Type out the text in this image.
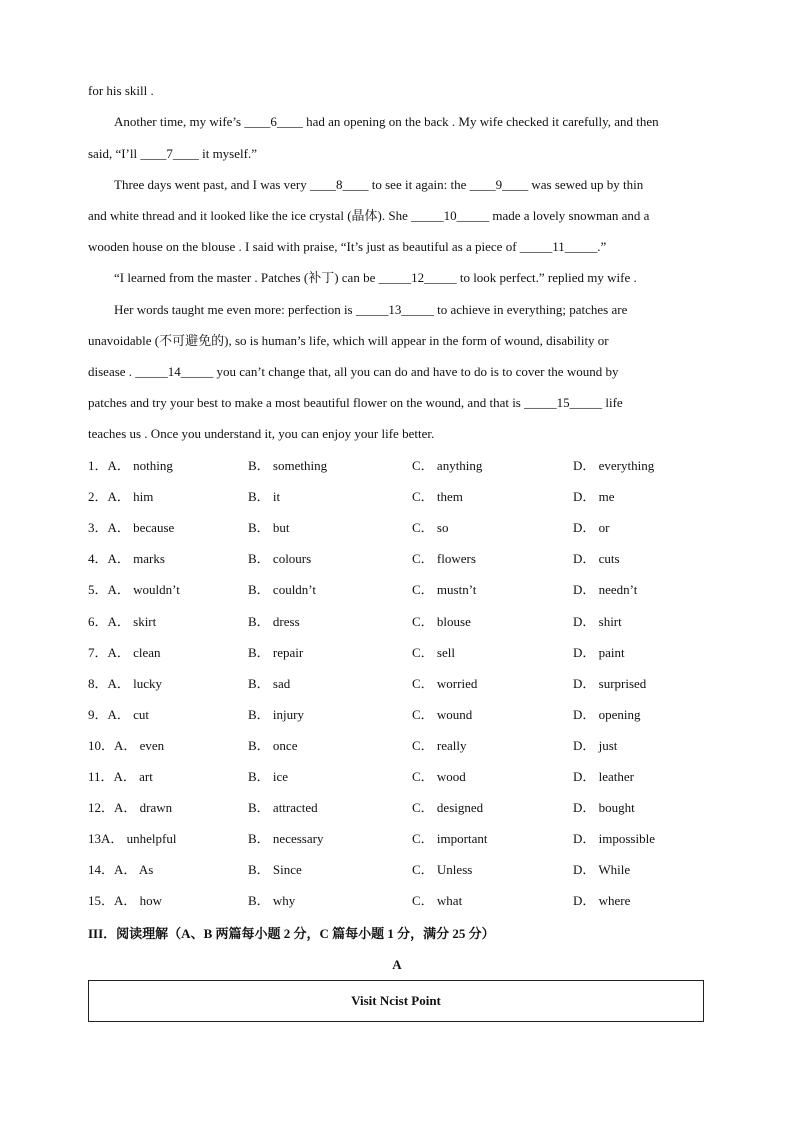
for his skill .
Another time, my wife’s ____6____ had an opening on the back . My wife checked it carefully, and then
said, “I’ll ____7____ it myself.”
Three days went past, and I was very ____8____ to see it again: the ____9____ was sewed up by thin
and white thread and it looked like the ice crystal (晶体). She _____10_____ made a lovely snowman and a
wooden house on the blouse . I said with praise, “It’s just as beautiful as a piece of _____11_____.”
“I learned from the master . Patches (补丁) can be _____12_____ to look perfect.” replied my wife .
Her words taught me even more: perfection is _____13_____ to achieve in everything; patches are
unavoidable (不可避免的), so is human’s life, which will appear in the form of wound, disability or
disease . _____14_____ you can’t change that, all you can do and have to do is to cover the wound by
patches and try your best to make a most beautiful flower on the wound, and that is _____15_____ life
teaches us . Once you understand it, you can enjoy your life better.
1．A． nothing	B． something	C． anything	D． everything
2．A． him	B． it	C． them	D． me
3．A． because	B． but	C． so	D． or
4．A． marks	B． colours	C． flowers	D． cuts
5．A． wouldn’t	B． couldn’t	C． mustn’t	D． needn’t
6．A． skirt	B． dress	C． blouse	D． shirt
7．A． clean	B． repair	C． sell	D． paint
8．A． lucky	B． sad	C． worried	D． surprised
9．A． cut	B． injury	C． wound	D． opening
10．A． even	B． once	C． really	D． just
11．A． art	B． ice	C． wood	D． leather
12．A． drawn	B． attracted	C． designed	D． bought
13A． unhelpful	B． necessary	C． important	D． impossible
14．A． As	B． Since	C． Unless	D． While
15．A． how	B． why	C． what	D． where
III．阅读理解（A、B 两篇每小题 2 分，C 篇每小题 1 分，满分 25 分）
A
Visit Ncist Point
